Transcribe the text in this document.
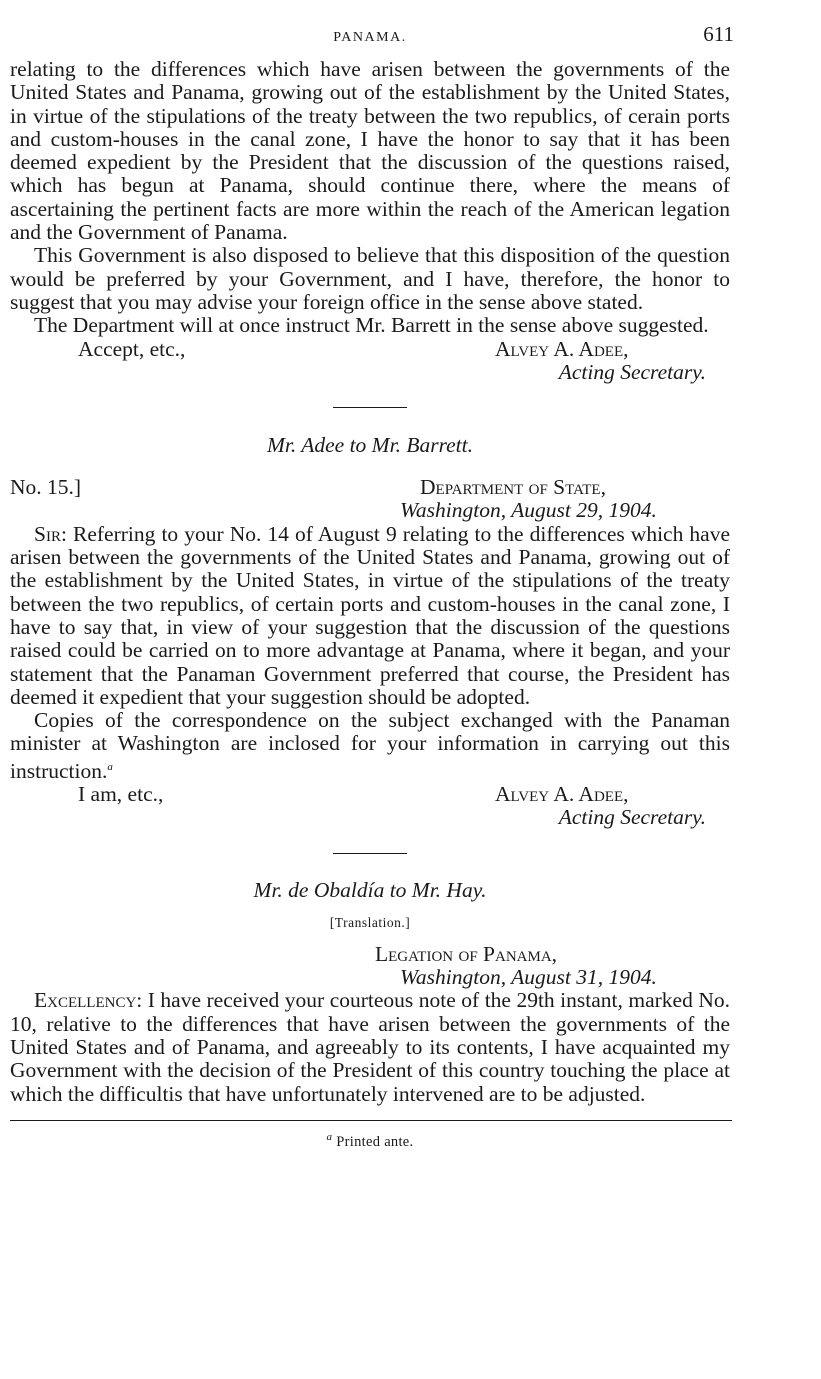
PANAMA.	611

relating to the differences which have arisen between the governments of the United States and Panama, growing out of the establishment by the United States, in virtue of the stipulations of the treaty between the two republics, of cerain ports and custom-houses in the canal zone, I have the honor to say that it has been deemed expedient by the President that the discussion of the questions raised, which has begun at Panama, should continue there, where the means of ascertaining the pertinent facts are more within the reach of the American legation and the Government of Panama.

This Government is also disposed to believe that this disposition of the question would be preferred by your Government, and I have, therefore, the honor to suggest that you may advise your foreign office in the sense above stated.

The Department will at once instruct Mr. Barrett in the sense above suggested.

Accept, etc.,	Alvey A. Adee,

Acting Secretary.

Mr. Adee to Mr. Barrett.

No. 15.]	Department of State,
Washington, August 29, 1904.

Sir: Referring to your No. 14 of August 9 relating to the differences which have arisen between the governments of the United States and Panama, growing out of the establishment by the United States, in virtue of the stipulations of the treaty between the two republics, of certain ports and custom-houses in the canal zone, I have to say that, in view of your suggestion that the discussion of the questions raised could be carried on to more advantage at Panama, where it began, and your statement that the Panaman Government preferred that course, the President has deemed it expedient that your suggestion should be adopted.

Copies of the correspondence on the subject exchanged with the Panaman minister at Washington are inclosed for your information in carrying out this instruction.$^a$

I am, etc.,	Alvey A. Adee,

Acting Secretary.

Mr. de Obaldía to Mr. Hay.

[Translation.]

Legation of Panama,
Washington, August 31, 1904.

Excellency: I have received your courteous note of the 29th instant, marked No. 10, relative to the differences that have arisen between the governments of the United States and of Panama, and agreeably to its contents, I have acquainted my Government with the decision of the President of this country touching the place at which the difficultis that have unfortunately intervened are to be adjusted.

$^a$ Printed ante.
